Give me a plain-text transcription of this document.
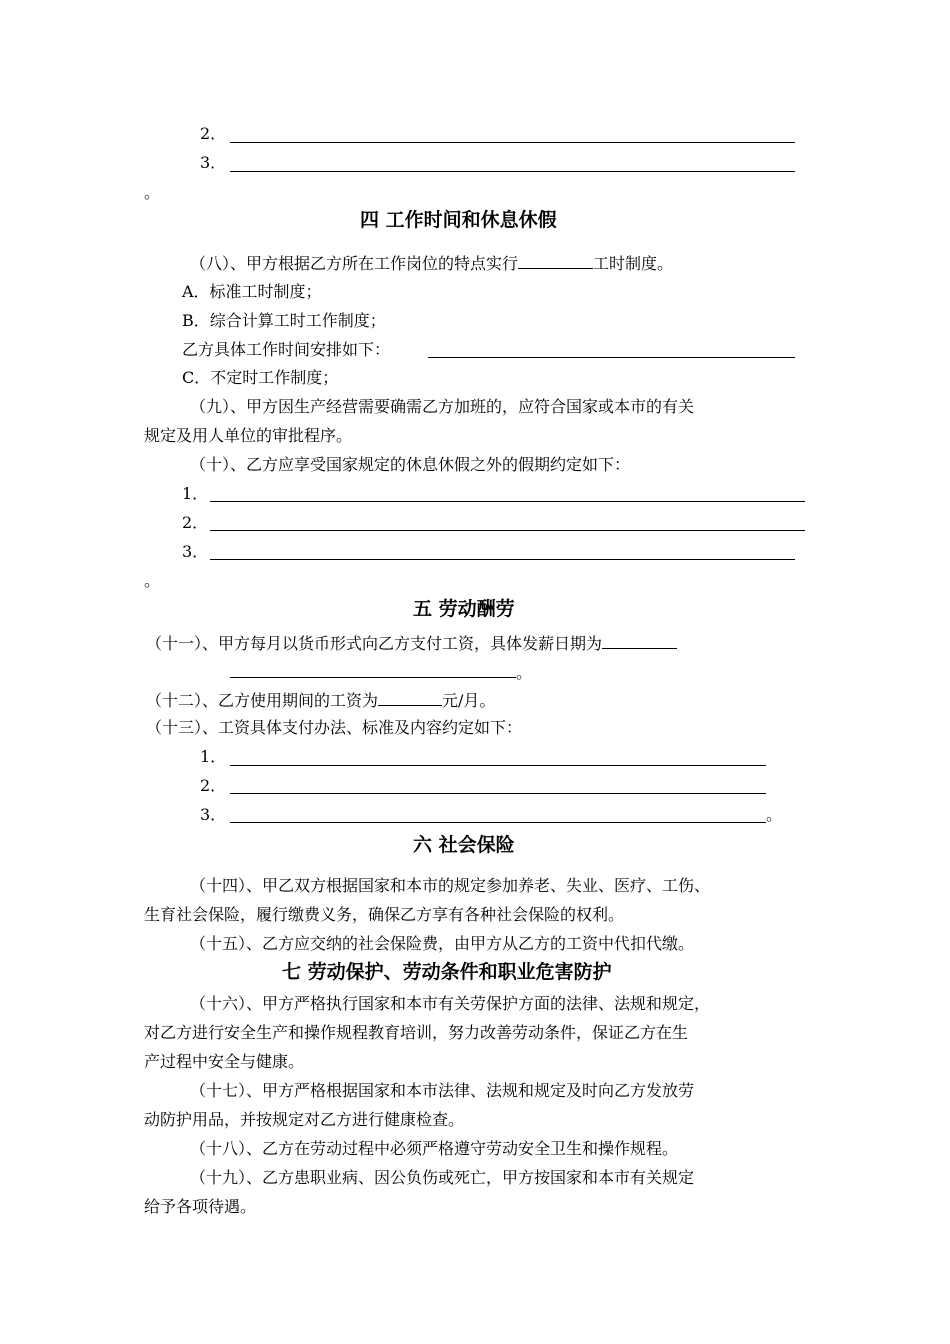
2．
3．
。
四 工作时间和休息休假
（八）、甲方根据乙方所在工作岗位的特点实行	工时制度。
A．标准工时制度；
B．综合计算工时工作制度；
乙方具体工作时间安排如下：
C．不定时工作制度；
（九）、甲方因生产经营需要确需乙方加班的，应符合国家或本市的有关
规定及用人单位的审批程序。
（十）、乙方应享受国家规定的休息休假之外的假期约定如下：
1．
2．
3．
。
五 劳动酬劳
（十一）、甲方每月以货币形式向乙方支付工资，具体发薪日期为
。
（十二）、乙方使用期间的工资为	元/月。
（十三）、工资具体支付办法、标准及内容约定如下：
1．
2．
3．	。
六 社会保险
（十四）、甲乙双方根据国家和本市的规定参加养老、失业、医疗、工伤、
生育社会保险，履行缴费义务，确保乙方享有各种社会保险的权利。
（十五）、乙方应交纳的社会保险费，由甲方从乙方的工资中代扣代缴。
七 劳动保护、劳动条件和职业危害防护
（十六）、甲方严格执行国家和本市有关劳保护方面的法律、法规和规定，
对乙方进行安全生产和操作规程教育培训，努力改善劳动条件，保证乙方在生
产过程中安全与健康。
（十七）、甲方严格根据国家和本市法律、法规和规定及时向乙方发放劳
动防护用品，并按规定对乙方进行健康检查。
（十八）、乙方在劳动过程中必须严格遵守劳动安全卫生和操作规程。
（十九）、乙方患职业病、因公负伤或死亡，甲方按国家和本市有关规定
给予各项待遇。
